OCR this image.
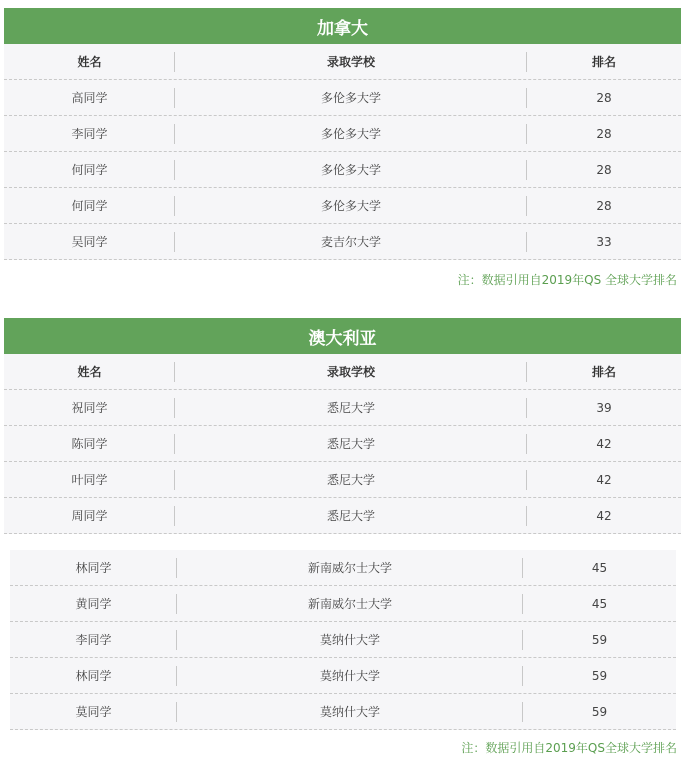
加拿大
姓名	录取学校	排名
高同学	多伦多大学	28
李同学	多伦多大学	28
何同学	多伦多大学	28
何同学	多伦多大学	28
吴同学	麦吉尔大学	33
注：数据引用自2019年QS 全球大学排名
澳大利亚
姓名	录取学校	排名
祝同学	悉尼大学	39
陈同学	悉尼大学	42
叶同学	悉尼大学	42
周同学	悉尼大学	42
林同学	新南威尔士大学	45
黄同学	新南威尔士大学	45
李同学	莫纳什大学	59
林同学	莫纳什大学	59
莫同学	莫纳什大学	59
注：数据引用自2019年QS全球大学排名
